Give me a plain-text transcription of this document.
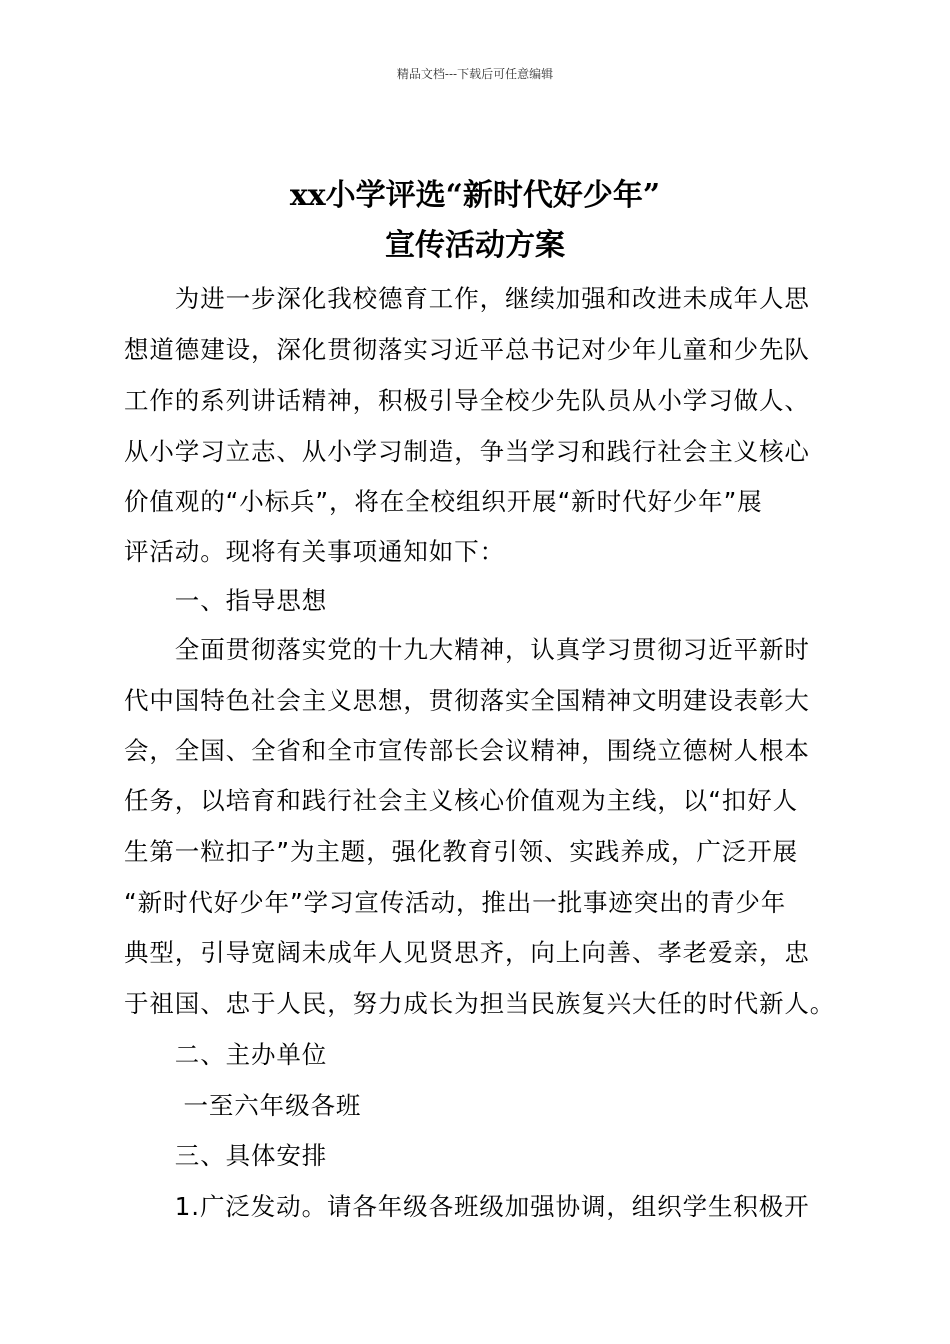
精品文档---下载后可任意编辑
xx小学评选“新时代好少年”
宣传活动方案
　　为进一步深化我校德育工作，继续加强和改进未成年人思
想道德建设，深化贯彻落实习近平总书记对少年儿童和少先队
工作的系列讲话精神，积极引导全校少先队员从小学习做人、
从小学习立志、从小学习制造，争当学习和践行社会主义核心
价值观的“小标兵”，将在全校组织开展“新时代好少年”展
评活动。现将有关事项通知如下：
　　一、指导思想
　　全面贯彻落实党的十九大精神，认真学习贯彻习近平新时
代中国特色社会主义思想，贯彻落实全国精神文明建设表彰大
会，全国、全省和全市宣传部长会议精神，围绕立德树人根本
任务，以培育和践行社会主义核心价值观为主线，以“扣好人
生第一粒扣子”为主题，强化教育引领、实践养成，广泛开展
“新时代好少年”学习宣传活动，推出一批事迹突出的青少年
典型，引导宽阔未成年人见贤思齐，向上向善、孝老爱亲，忠
于祖国、忠于人民，努力成长为担当民族复兴大任的时代新人。
　　二、主办单位
　　 一至六年级各班
　　三、具体安排
　　1.广泛发动。请各年级各班级加强协调，组织学生积极开
